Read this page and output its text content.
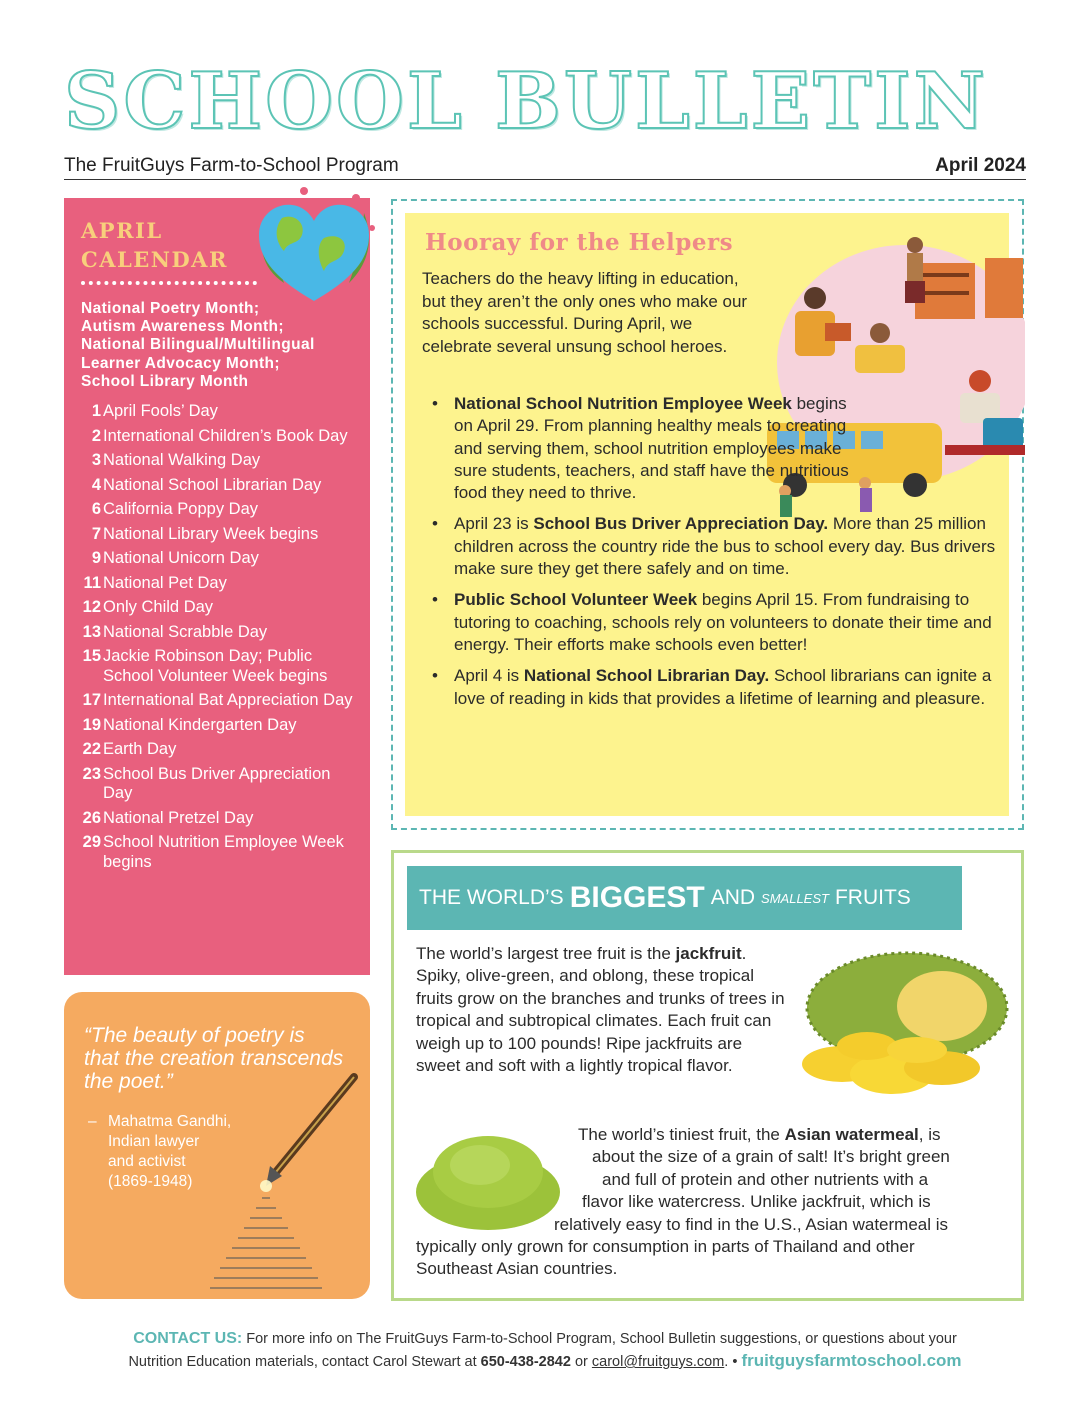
SCHOOL BULLETIN
The FruitGuys Farm-to-School Program	April 2024
APRIL
CALENDAR
National Poetry Month;
Autism Awareness Month;
National Bilingual/Multilingual
Learner Advocacy Month;
School Library Month
1 April Fools’ Day
2 International Children’s Book Day
3 National Walking Day
4 National School Librarian Day
6 California Poppy Day
7 National Library Week begins
9 National Unicorn Day
11 National Pet Day
12 Only Child Day
13 National Scrabble Day
15 Jackie Robinson Day; Public School Volunteer Week begins
17 International Bat Appreciation Day
19 National Kindergarten Day
22 Earth Day
23 School Bus Driver Appreciation Day
26 National Pretzel Day
29 School Nutrition Employee Week begins
“The beauty of poetry is that the creation transcends the poet.”
– Mahatma Gandhi,
Indian lawyer
and activist
(1869-1948)
Hooray for the Helpers
Teachers do the heavy lifting in education, but they aren’t the only ones who make our schools successful. During April, we celebrate several unsung school heroes.
• National School Nutrition Employee Week begins on April 29. From planning healthy meals to creating and serving them, school nutrition employees make sure students, teachers, and staff have the nutritious food they need to thrive.
• April 23 is School Bus Driver Appreciation Day. More than 25 million children across the country ride the bus to school every day. Bus drivers make sure they get there safely and on time.
• Public School Volunteer Week begins April 15. From fundraising to tutoring to coaching, schools rely on volunteers to donate their time and energy. Their efforts make schools even better!
• April 4 is National School Librarian Day. School librarians can ignite a love of reading in kids that provides a lifetime of learning and pleasure.
THE WORLD’S BIGGEST AND SMALLEST FRUITS
The world’s largest tree fruit is the jackfruit. Spiky, olive-green, and oblong, these tropical fruits grow on the branches and trunks of trees in tropical and subtropical climates. Each fruit can weigh up to 100 pounds! Ripe jackfruits are sweet and soft with a lightly tropical flavor.
The world’s tiniest fruit, the Asian watermeal, is
about the size of a grain of salt! It’s bright green
and full of protein and other nutrients with a
flavor like watercress. Unlike jackfruit, which is
relatively easy to find in the U.S., Asian watermeal is
typically only grown for consumption in parts of Thailand and other
Southeast Asian countries.
CONTACT US: For more info on The FruitGuys Farm-to-School Program, School Bulletin suggestions, or questions about your
Nutrition Education materials, contact Carol Stewart at 650-438-2842 or carol@fruitguys.com. • fruitguysfarmtoschool.com
